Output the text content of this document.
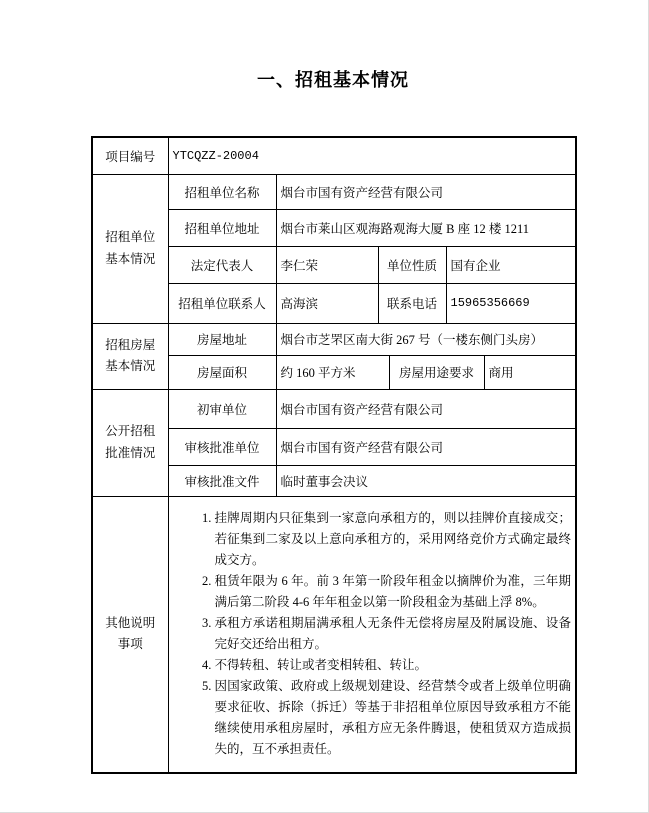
一、招租基本情况
项目编号	YTCQZZ-20004					
招租单位基本情况	招租单位名称	烟台市国有资产经营有限公司				
	招租单位地址	烟台市莱山区观海路观海大厦 B 座 12 楼 1211				
	法定代表人	李仁荣	单位性质		国有企业	
	招租单位联系人	高海滨	联系电话		15965356669	
招租房屋基本情况	房屋地址	烟台市芝罘区南大街 267 号（一楼东侧门头房）				
	房屋面积	约 160 平方米		房屋用途要求		商用
公开招租批准情况	初审单位	烟台市国有资产经营有限公司				
	审核批准单位	烟台市国有资产经营有限公司				
	审核批准文件	临时董事会决议				
其他说明事项	
1. 挂牌周期内只征集到一家意向承租方的，则以挂牌价直接成交；若征集到二家及以上意向承租方的，采用网络竞价方式确定最终成交方。
2. 租赁年限为 6 年。前 3 年第一阶段年租金以摘牌价为准，三年期满后第二阶段 4-6 年年租金以第一阶段租金为基础上浮 8%。
3. 承租方承诺租期届满承租人无条件无偿将房屋及附属设施、设备完好交还给出租方。
4. 不得转租、转让或者变相转租、转让。
5. 因国家政策、政府或上级规划建设、经营禁令或者上级单位明确要求征收、拆除（拆迁）等基于非招租单位原因导致承租方不能继续使用承租房屋时，承租方应无条件腾退，使租赁双方造成损失的，互不承担责任。
